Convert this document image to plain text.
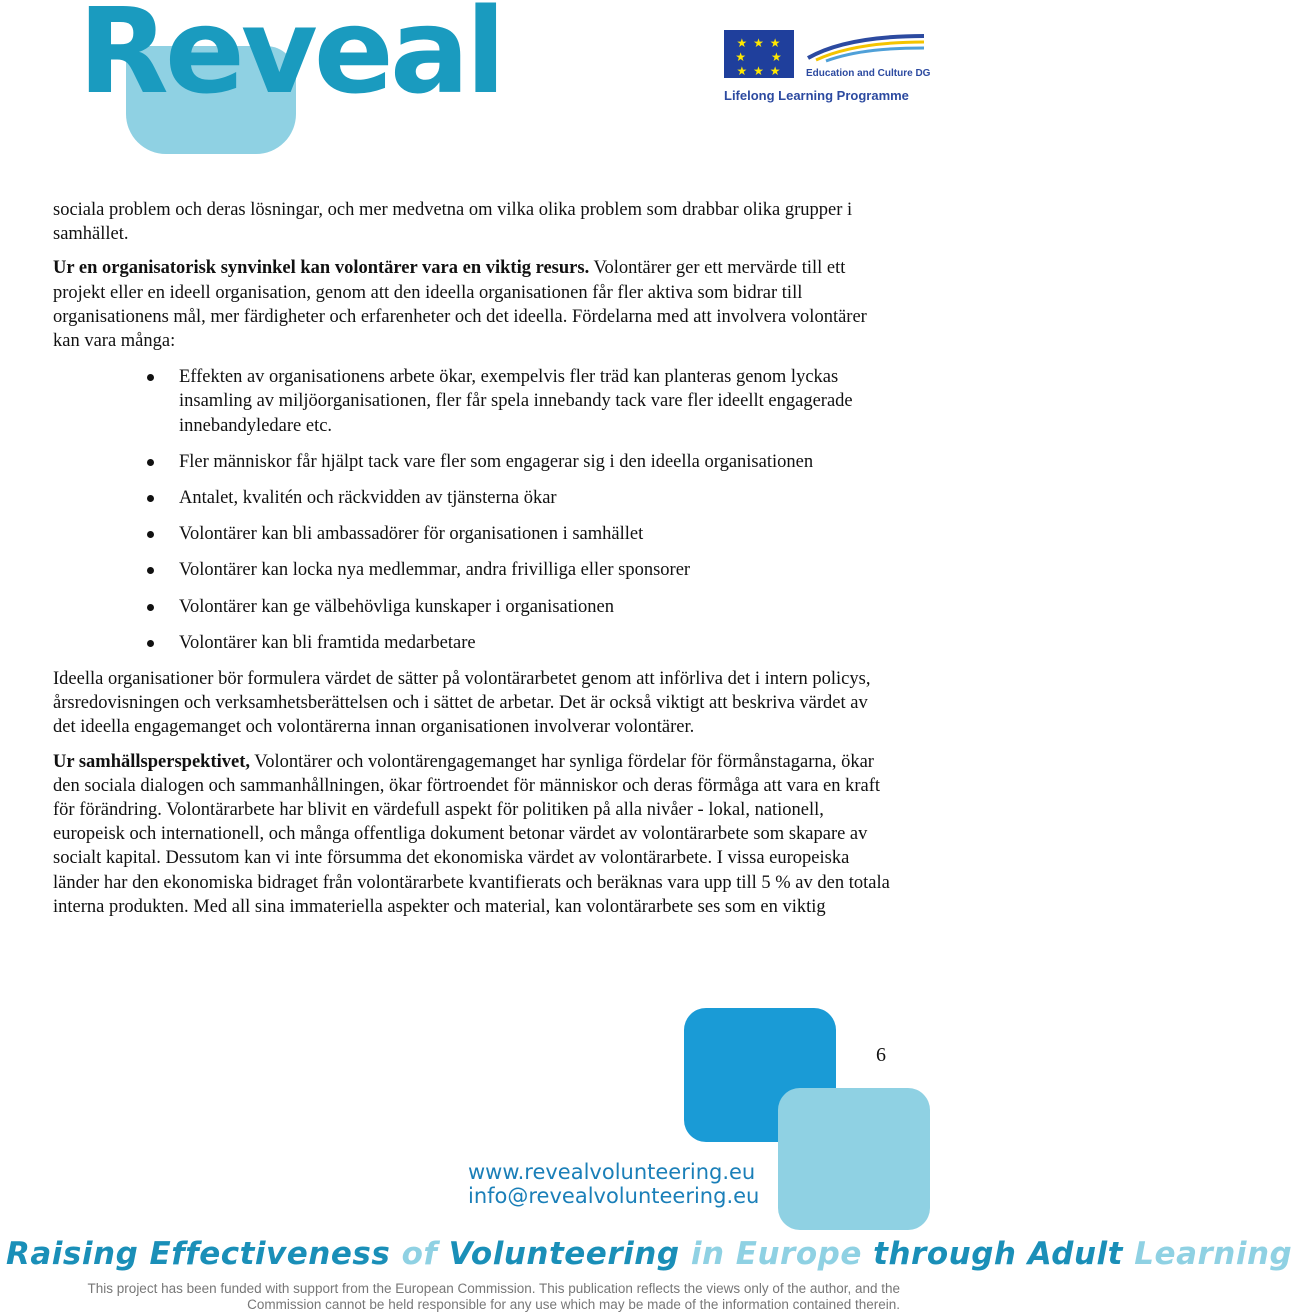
Reveal	★ ★ ★
★     ★
★ ★ ★	Education and Culture DG
Lifelong Learning Programme

sociala problem och deras lösningar, och mer medvetna om vilka olika problem som drabbar olika grupper i samhället.

Ur en organisatorisk synvinkel kan volontärer vara en viktig resurs. Volontärer ger ett mervärde till ett projekt eller en ideell organisation, genom att den ideella organisationen får fler aktiva som bidrar till organisationens mål, mer färdigheter och erfarenheter och det ideella. Fördelarna med att involvera volontärer kan vara många:

Effekten av organisationens arbete ökar, exempelvis fler träd kan planteras genom lyckas insamling av miljöorganisationen, fler får spela innebandy tack vare fler ideellt engagerade innebandyledare etc.
Fler människor får hjälpt tack vare fler som engagerar sig i den ideella organisationen
Antalet, kvalitén och räckvidden av tjänsterna ökar
Volontärer kan bli ambassadörer för organisationen i samhället
Volontärer kan locka nya medlemmar, andra frivilliga eller sponsorer
Volontärer kan ge välbehövliga kunskaper i organisationen
Volontärer kan bli framtida medarbetare

Ideella organisationer bör formulera värdet de sätter på volontärarbetet genom att införliva det i intern policys, årsredovisningen och verksamhetsberättelsen och i sättet de arbetar. Det är också viktigt att beskriva värdet av det ideella engagemanget och volontärerna innan organisationen involverar volontärer.

Ur samhällsperspektivet, Volontärer och volontärengagemanget har synliga fördelar för förmånstagarna, ökar den sociala dialogen och sammanhållningen, ökar förtroendet för människor och deras förmåga att vara en kraft för förändring. Volontärarbete har blivit en värdefull aspekt för politiken på alla nivåer - lokal, nationell, europeisk och internationell, och många offentliga dokument betonar värdet av volontärarbete som skapare av socialt kapital. Dessutom kan vi inte försumma det ekonomiska värdet av volontärarbete. I vissa europeiska länder har den ekonomiska bidraget från volontärarbete kvantifierats och beräknas vara upp till 5 % av den totala interna produkten. Med all sina immateriella aspekter och material, kan volontärarbete ses som en viktig

6
www.revealvolunteering.eu
info@revealvolunteering.eu
Raising Effectiveness of Volunteering in Europe through Adult Learning
This project has been funded with support from the European Commission. This publication reflects the views only of the author, and the
Commission cannot be held responsible for any use which may be made of the information contained therein.
